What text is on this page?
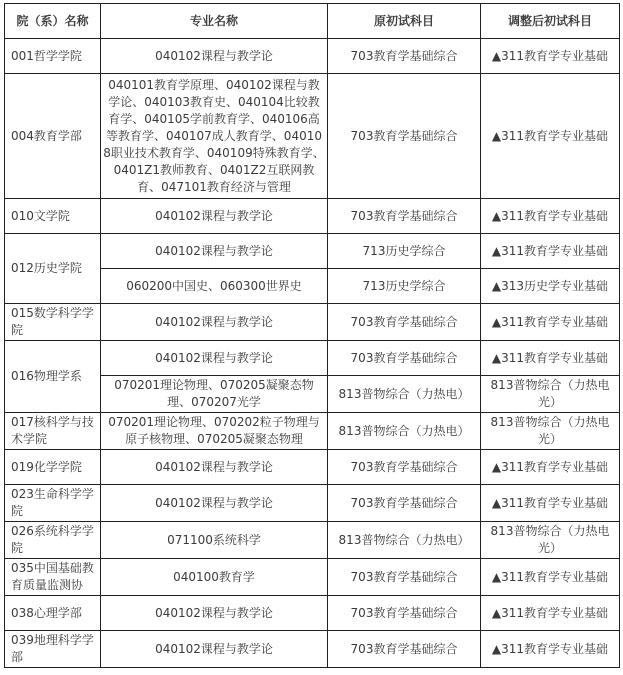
院（系）名称	专业名称	原初试科目	调整后初试科目
001哲学学院	040102课程与教学论	703教育学基础综合	▲311教育学专业基础
004教育学部	040101教育学原理、040102课程与教学论、040103教育史、040104比较教育学、040105学前教育学、040106高等教育学、040107成人教育学、040108职业技术教育学、040109特殊教育学、0401Z1教师教育、0401Z2互联网教育、047101教育经济与管理	703教育学基础综合	▲311教育学专业基础
010文学院	040102课程与教学论	703教育学基础综合	▲311教育学专业基础
012历史学院	040102课程与教学论	713历史学综合	▲311教育学专业基础
	060200中国史、060300世界史	713历史学综合	▲313历史学专业基础
015数学科学学院	040102课程与教学论	703教育学基础综合	▲311教育学专业基础
016物理学系	040102课程与教学论	703教育学基础综合	▲311教育学专业基础
	070201理论物理、070205凝聚态物理、070207光学	813普物综合（力热电）	813普物综合（力热电光）
017核科学与技术学院	070201理论物理、070202粒子物理与原子核物理、070205凝聚态物理	813普物综合（力热电）	813普物综合（力热电光）
019化学学院	040102课程与教学论	703教育学基础综合	▲311教育学专业基础
023生命科学学院	040102课程与教学论	703教育学基础综合	▲311教育学专业基础
026系统科学学院	071100系统科学	813普物综合（力热电）	813普物综合（力热电光）
035中国基础教育质量监测协	040100教育学	703教育学基础综合	▲311教育学专业基础
038心理学部	040102课程与教学论	703教育学基础综合	▲311教育学专业基础
039地理科学学部	040102课程与教学论	703教育学基础综合	▲311教育学专业基础
